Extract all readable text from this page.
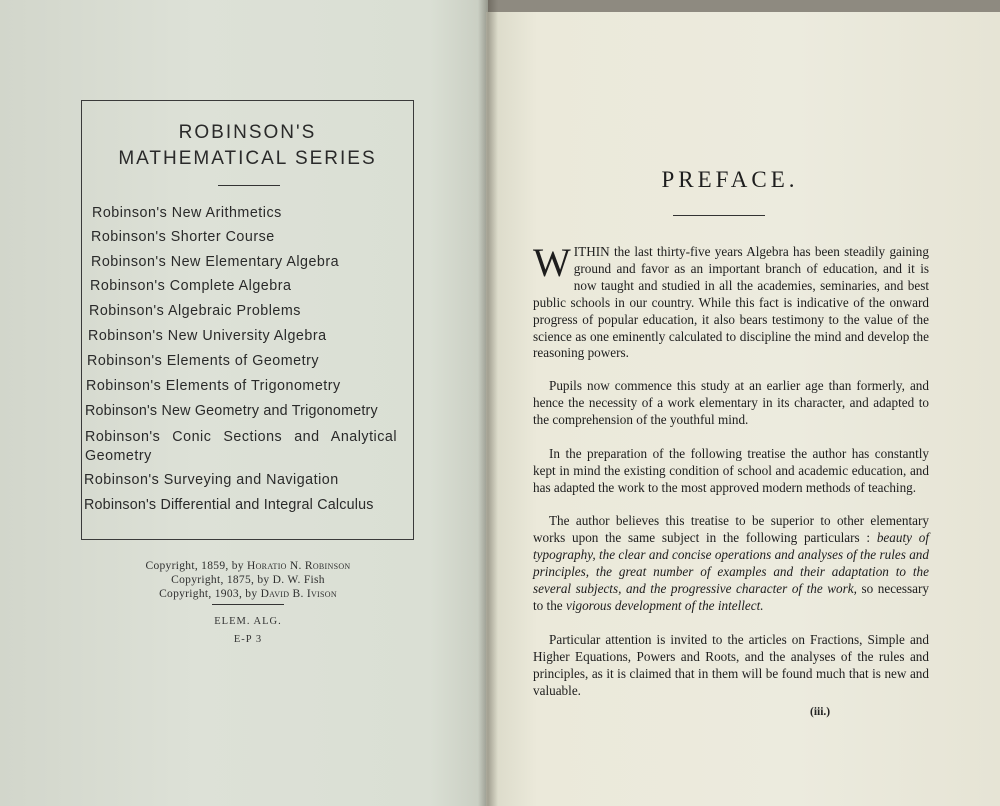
ROBINSON'S
MATHEMATICAL SERIES
Robinson's New Arithmetics
Robinson's Shorter Course
Robinson's New Elementary Algebra
Robinson's Complete Algebra
Robinson's Algebraic Problems
Robinson's New University Algebra
Robinson's Elements of Geometry
Robinson's Elements of Trigonometry
Robinson's New Geometry and Trigonometry
Robinson's Conic Sections and Analytical Geometry
Robinson's Surveying and Navigation
Robinson's Differential and Integral Calculus
Copyright, 1859, by Horatio N. Robinson
Copyright, 1875, by D. W. Fish
Copyright, 1903, by David B. Ivison
ELEM. ALG.
E-P 3
PREFACE.
WITHIN the last thirty-five years Algebra has been steadily gaining ground and favor as an important branch of education, and it is now taught and studied in all the academies, seminaries, and best public schools in our country. While this fact is indicative of the onward progress of popular education, it also bears testimony to the value of the science as one eminently calculated to discipline the mind and develop the reasoning powers.
Pupils now commence this study at an earlier age than formerly, and hence the necessity of a work elementary in its character, and adapted to the comprehension of the youthful mind.
In the preparation of the following treatise the author has constantly kept in mind the existing condition of school and academic education, and has adapted the work to the most approved modern methods of teaching.
The author believes this treatise to be superior to other elementary works upon the same subject in the following particulars : beauty of typography, the clear and concise operations and analyses of the rules and principles, the great number of examples and their adaptation to the several subjects, and the progressive character of the work, so necessary to the vigorous development of the intellect.
Particular attention is invited to the articles on Fractions, Simple and Higher Equations, Powers and Roots, and the analyses of the rules and principles, as it is claimed that in them will be found much that is new and valuable.
(iii.)
